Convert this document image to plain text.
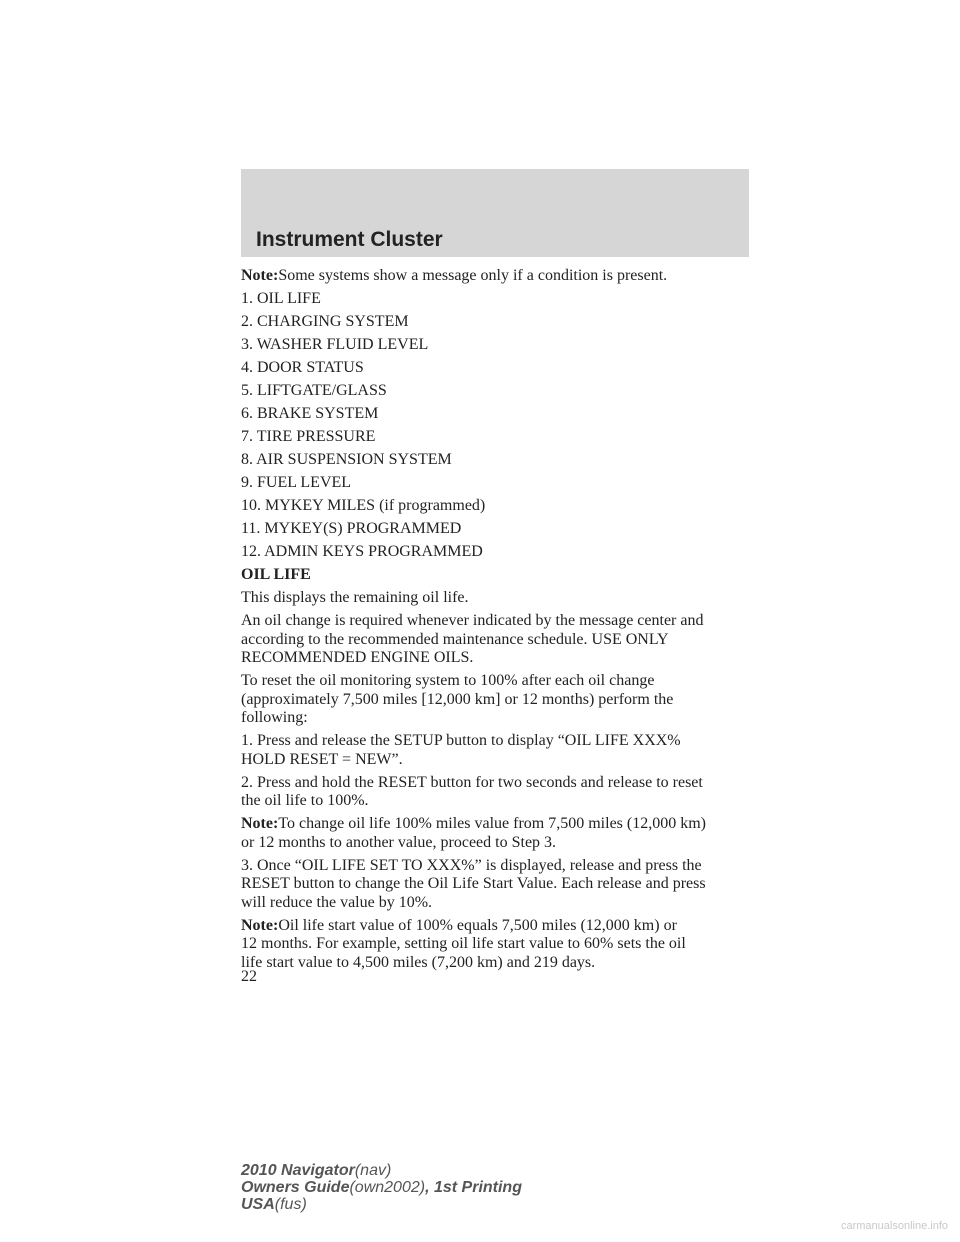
Instrument Cluster

Note:Some systems show a message only if a condition is present.

1. OIL LIFE

2. CHARGING SYSTEM

3. WASHER FLUID LEVEL

4. DOOR STATUS

5. LIFTGATE/GLASS

6. BRAKE SYSTEM

7. TIRE PRESSURE

8. AIR SUSPENSION SYSTEM

9. FUEL LEVEL

10. MYKEY MILES (if programmed)

11. MYKEY(S) PROGRAMMED

12. ADMIN KEYS PROGRAMMED

OIL LIFE

This displays the remaining oil life.

An oil change is required whenever indicated by the message center and
according to the recommended maintenance schedule. USE ONLY
RECOMMENDED ENGINE OILS.

To reset the oil monitoring system to 100% after each oil change
(approximately 7,500 miles [12,000 km] or 12 months) perform the
following:

1. Press and release the SETUP button to display “OIL LIFE XXX%
HOLD RESET = NEW”.

2. Press and hold the RESET button for two seconds and release to reset
the oil life to 100%.

Note:To change oil life 100% miles value from 7,500 miles (12,000 km)
or 12 months to another value, proceed to Step 3.

3. Once “OIL LIFE SET TO XXX%” is displayed, release and press the
RESET button to change the Oil Life Start Value. Each release and press
will reduce the value by 10%.

Note:Oil life start value of 100% equals 7,500 miles (12,000 km) or
12 months. For example, setting oil life start value to 60% sets the oil
life start value to 4,500 miles (7,200 km) and 219 days.

22
2010 Navigator(nav)
Owners Guide(own2002), 1st Printing
USA(fus)
carmanualsonline.info
